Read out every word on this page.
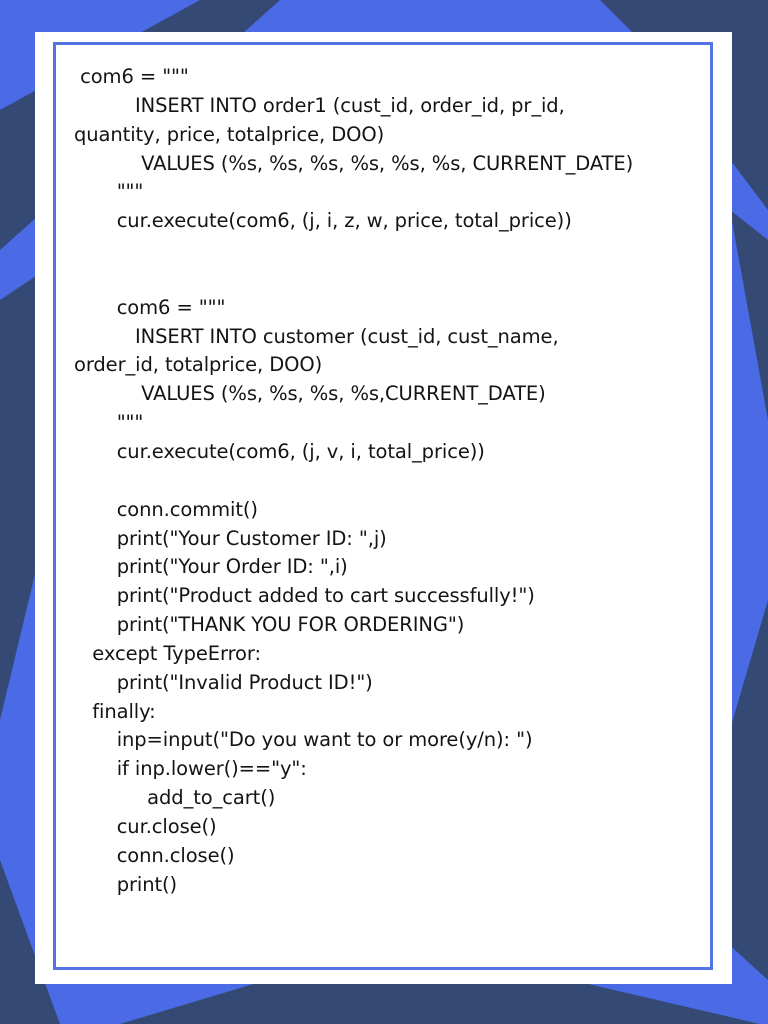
com6 = """
INSERT INTO order1 (cust_id, order_id, pr_id,
quantity, price, totalprice, DOO)
VALUES (%s, %s, %s, %s, %s, %s, CURRENT_DATE)
"""
cur.execute(com6, (j, i, z, w, price, total_price))
com6 = """
INSERT INTO customer (cust_id, cust_name,
order_id, totalprice, DOO)
VALUES (%s, %s, %s, %s,CURRENT_DATE)
"""
cur.execute(com6, (j, v, i, total_price))
conn.commit()
print("Your Customer ID: ",j)
print("Your Order ID: ",i)
print("Product added to cart successfully!")
print("THANK YOU FOR ORDERING")
except TypeError:
print("Invalid Product ID!")
finally:
inp=input("Do you want to or more(y/n): ")
if inp.lower()=="y":
add_to_cart()
cur.close()
conn.close()
print()
